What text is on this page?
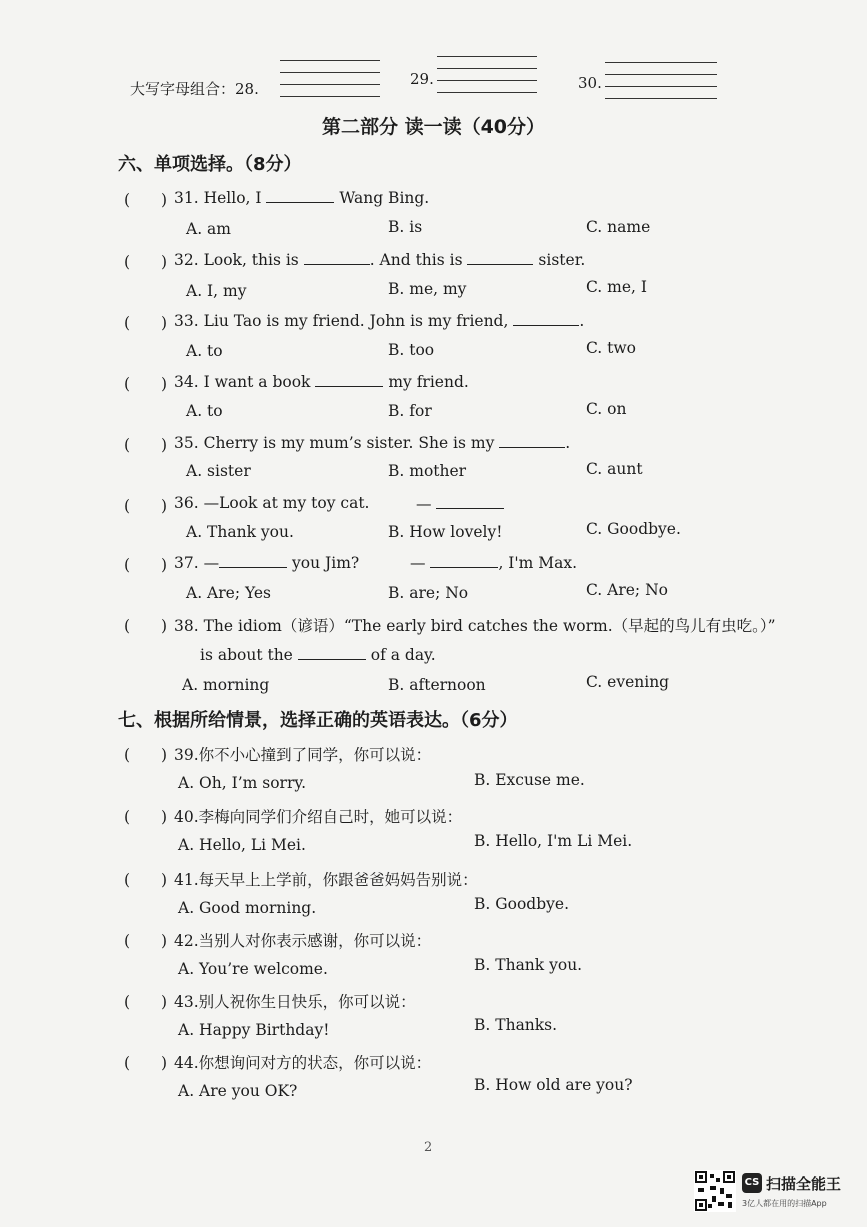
大写字母组合：28.
29.	30.
第二部分 读一读（40分）
六、单项选择。（8分）
(　　) 31. Hello, I	Wang Bing.
A. am	B. is	C. name
(　　) 32. Look, this is	. And this is	sister.
A. I, my	B. me, my	C. me, I
(　　) 33. Liu Tao is my friend. John is my friend,	.
A. to	B. too	C. two
(　　) 34. I want a book	my friend.
A. to	B. for	C. on
(　　) 35. Cherry is my mum’s sister. She is my	.
A. sister	B. mother	C. aunt
(　　) 36. —Look at my toy cat.	—
A. Thank you.	B. How lovely!	C. Goodbye.
(　　) 37. —	you Jim?	—	, I'm Max.
A. Are; Yes	B. are; No	C. Are; No
(　　) 38. The idiom（谚语）“The early bird catches the worm.（早起的鸟儿有虫吃。）”
is about the	of a day.
A. morning	B. afternoon	C. evening
七、根据所给情景，选择正确的英语表达。（6分）
(　　) 39.你不小心撞到了同学，你可以说：
A. Oh, I’m sorry.	B. Excuse me.
(　　) 40.李梅向同学们介绍自己时，她可以说：
A. Hello, Li Mei.	B. Hello, I'm Li Mei.
(　　) 41.每天早上上学前，你跟爸爸妈妈告别说：
A. Good morning.	B. Goodbye.
(　　) 42.当别人对你表示感谢，你可以说：
A. You’re welcome.	B. Thank you.
(　　) 43.别人祝你生日快乐，你可以说：
A. Happy Birthday!	B. Thanks.
(　　) 44.你想询问对方的状态，你可以说：
A. Are you OK?	B. How old are you?
2
CS 扫描全能王
3亿人都在用的扫描App
